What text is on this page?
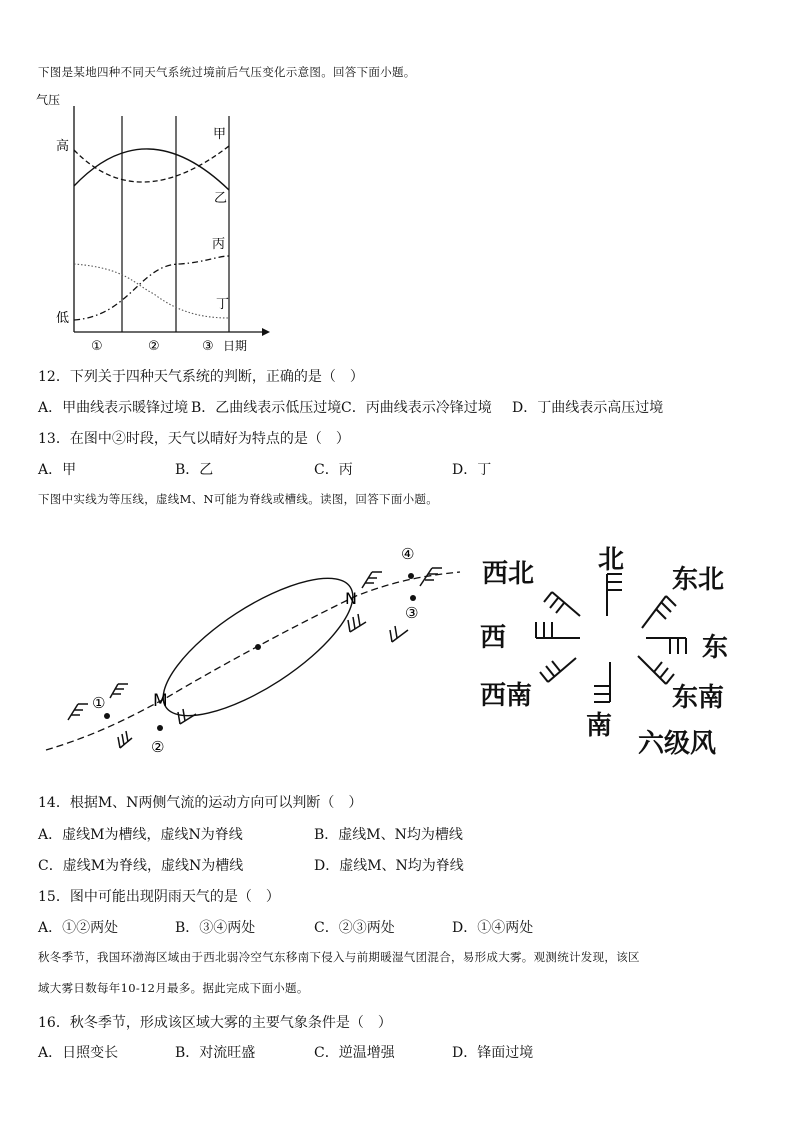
下图是某地四种不同天气系统过境前后气压变化示意图。回答下面小题。
气压
高
低
甲
乙
丙
丁
①	②	③ 日期
12．下列关于四种天气系统的判断，正确的是（　）
A．甲曲线表示暖锋过境 B．乙曲线表示低压过境 C．丙曲线表示冷锋过境 D．丁曲线表示高压过境
13．在图中②时段，天气以晴好为特点的是（　）
A．甲	B．乙	C．丙	D．丁
下图中实线为等压线，虚线M、N可能为脊线或槽线。读图，回答下面小题。
M
N
①
②
③
④	北
东北
东
东南
南
西南
西
西北
六级风
14．根据M、N两侧气流的运动方向可以判断（　）
A．虚线M为槽线，虚线N为脊线	B．虚线M、N均为槽线
C．虚线M为脊线，虚线N为槽线	D．虚线M、N均为脊线
15．图中可能出现阴雨天气的是（　）
A．①②两处	B．③④两处	C．②③两处	D．①④两处
秋冬季节，我国环渤海区域由于西北弱冷空气东移南下侵入与前期暖湿气团混合，易形成大雾。观测统计发现，该区
域大雾日数每年10-12月最多。据此完成下面小题。
16．秋冬季节，形成该区域大雾的主要气象条件是（　）
A．日照变长	B．对流旺盛	C．逆温增强	D．锋面过境
